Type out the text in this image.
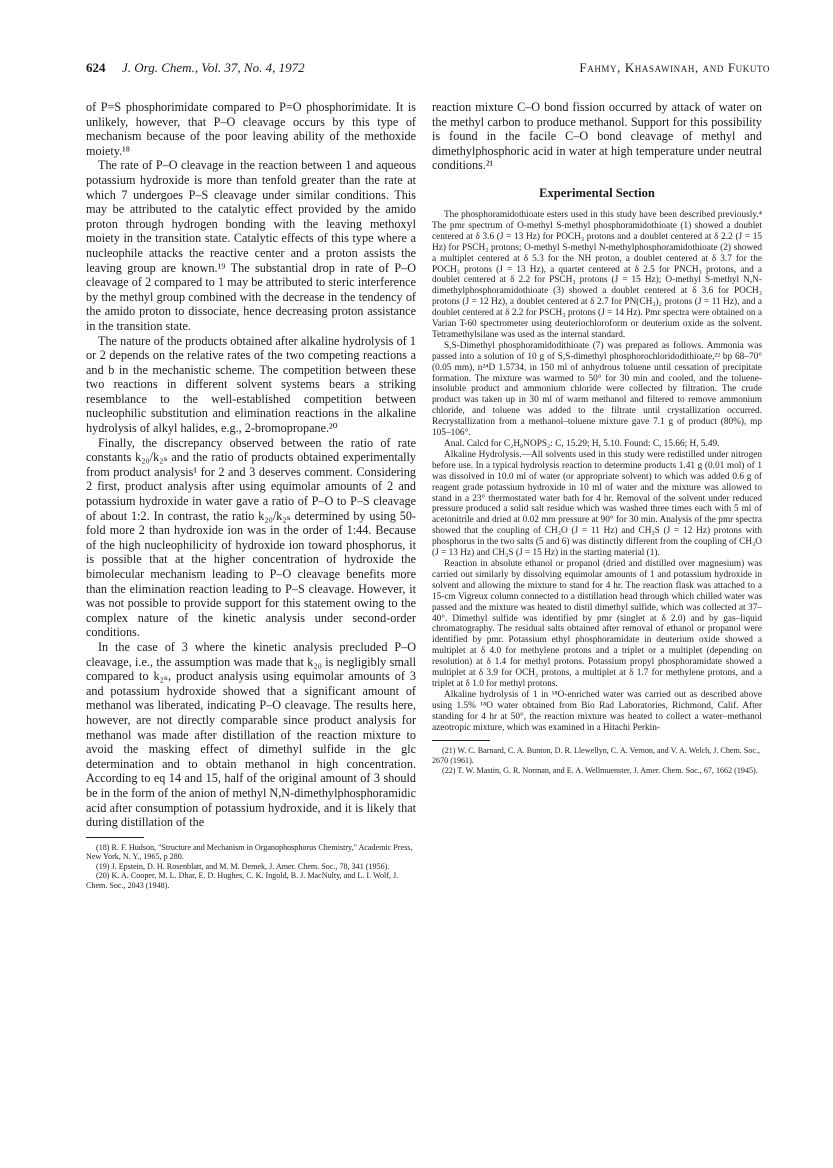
624 J. Org. Chem., Vol. 37, No. 4, 1972	Fahmy, Khasawinah, and Fukuto

of P=S phosphorimidate compared to P=O phosphorimidate. It is unlikely, however, that P–O cleavage occurs by this type of mechanism because of the poor leaving ability of the methoxide moiety.¹⁸

The rate of P–O cleavage in the reaction between 1 and aqueous potassium hydroxide is more than tenfold greater than the rate at which 7 undergoes P–S cleavage under similar conditions. This may be attributed to the catalytic effect provided by the amido proton through hydrogen bonding with the leaving methoxyl moiety in the transition state. Catalytic effects of this type where a nucleophile attacks the reactive center and a proton assists the leaving group are known.¹⁹ The substantial drop in rate of P–O cleavage of 2 compared to 1 may be attributed to steric interference by the methyl group combined with the decrease in the tendency of the amido proton to dissociate, hence decreasing proton assistance in the transition state.

The nature of the products obtained after alkaline hydrolysis of 1 or 2 depends on the relative rates of the two competing reactions a and b in the mechanistic scheme. The competition between these two reactions in different solvent systems bears a striking resemblance to the well-established competition between nucleophilic substitution and elimination reactions in the alkaline hydrolysis of alkyl halides, e.g., 2-bromopropane.²⁰

Finally, the discrepancy observed between the ratio of rate constants k₂₀/k₂ₛ and the ratio of products obtained experimentally from product analysis¹ for 2 and 3 deserves comment. Considering 2 first, product analysis after using equimolar amounts of 2 and potassium hydroxide in water gave a ratio of P–O to P–S cleavage of about 1:2. In contrast, the ratio k₂₀/k₂ₛ determined by using 50-fold more 2 than hydroxide ion was in the order of 1:44. Because of the high nucleophilicity of hydroxide ion toward phosphorus, it is possible that at the higher concentration of hydroxide the bimolecular mechanism leading to P–O cleavage benefits more than the elimination reaction leading to P–S cleavage. However, it was not possible to provide support for this statement owing to the complex nature of the kinetic analysis under second-order conditions.

In the case of 3 where the kinetic analysis precluded P–O cleavage, i.e., the assumption was made that k₂₀ is negligibly small compared to k₂ₛ, product analysis using equimolar amounts of 3 and potassium hydroxide showed that a significant amount of methanol was liberated, indicating P–O cleavage. The results here, however, are not directly comparable since product analysis for methanol was made after distillation of the reaction mixture to avoid the masking effect of dimethyl sulfide in the glc determination and to obtain methanol in high concentration. According to eq 14 and 15, half of the original amount of 3 should be in the form of the anion of methyl N,N-dimethylphosphoramidic acid after consumption of potassium hydroxide, and it is likely that during distillation of the

(18) R. F. Hudson, "Structure and Mechanism in Organophosphorus Chemistry," Academic Press, New York, N. Y., 1965, p 280.

(19) J. Epstein, D. H. Rosenblatt, and M. M. Demek, J. Amer. Chem. Soc., 78, 341 (1956).

(20) K. A. Cooper, M. L. Dhar, E. D. Hughes, C. K. Ingold, B. J. MacNulty, and L. I. Wolf, J. Chem. Soc., 2043 (1948).

reaction mixture C–O bond fission occurred by attack of water on the methyl carbon to produce methanol. Support for this possibility is found in the facile C–O bond cleavage of methyl and dimethylphosphoric acid in water at high temperature under neutral conditions.²¹

Experimental Section

The phosphoramidothioate esters used in this study have been described previously.⁴ The pmr spectrum of O-methyl S-methyl phosphoramidothioate (1) showed a doublet centered at δ 3.6 (J = 13 Hz) for POCH₃ protons and a doublet centered at δ 2.2 (J = 15 Hz) for PSCH₃ protons; O-methyl S-methyl N-methylphosphoramidothioate (2) showed a multiplet centered at δ 5.3 for the NH proton, a doublet centered at δ 3.7 for the POCH₃ protons (J = 13 Hz), a quartet centered at δ 2.5 for PNCH₃ protons, and a doublet centered at δ 2.2 for PSCH₃ protons (J = 15 Hz); O-methyl S-methyl N,N-dimethylphosphoramidothioate (3) showed a doublet centered at δ 3.6 for POCH₃ protons (J = 12 Hz), a doublet centered at δ 2.7 for PN(CH₃)₂ protons (J = 11 Hz), and a doublet centered at δ 2.2 for PSCH₃ protons (J = 14 Hz). Pmr spectra were obtained on a Varian T-60 spectrometer using deuteriochloroform or deuterium oxide as the solvent. Tetramethylsilane was used as the internal standard.

S,S-Dimethyl phosphoramidodithioate (7) was prepared as follows. Ammonia was passed into a solution of 10 g of S,S-dimethyl phosphorochloridodithioate,²² bp 68–70° (0.05 mm), n²⁴D 1.5734, in 150 ml of anhydrous toluene until cessation of precipitate formation. The mixture was warmed to 50° for 30 min and cooled, and the toluene-insoluble product and ammonium chloride were collected by filtration. The crude product was taken up in 30 ml of warm methanol and filtered to remove ammonium chloride, and toluene was added to the filtrate until crystallization occurred. Recrystallization from a methanol–toluene mixture gave 7.1 g of product (80%), mp 105–106°.

Anal. Calcd for C₂H₈NOPS₂: C, 15.29; H, 5.10. Found: C, 15.66; H, 5.49.

Alkaline Hydrolysis.—All solvents used in this study were redistilled under nitrogen before use. In a typical hydrolysis reaction to determine products 1.41 g (0.01 mol) of 1 was dissolved in 10.0 ml of water (or appropriate solvent) to which was added 0.6 g of reagent grade potassium hydroxide in 10 ml of water and the mixture was allowed to stand in a 23° thermostated water bath for 4 hr. Removal of the solvent under reduced pressure produced a solid salt residue which was washed three times each with 5 ml of acetonitrile and dried at 0.02 mm pressure at 90° for 30 min. Analysis of the pmr spectra showed that the coupling of CH₃O (J = 11 Hz) and CH₃S (J = 12 Hz) protons with phosphorus in the two salts (5 and 6) was distinctly different from the coupling of CH₃O (J = 13 Hz) and CH₃S (J = 15 Hz) in the starting material (1).

Reaction in absolute ethanol or propanol (dried and distilled over magnesium) was carried out similarly by dissolving equimolar amounts of 1 and potassium hydroxide in solvent and allowing the mixture to stand for 4 hr. The reaction flask was attached to a 15-cm Vigreux column connected to a distillation head through which chilled water was passed and the mixture was heated to distil dimethyl sulfide, which was collected at 37–40°. Dimethyl sulfide was identified by pmr (singlet at δ 2.0) and by gas–liquid chromatography. The residual salts obtained after removal of ethanol or propanol were identified by pmr. Potassium ethyl phosphoramidate in deuterium oxide showed a multiplet at δ 4.0 for methylene protons and a triplet or a multiplet (depending on resolution) at δ 1.4 for methyl protons. Potassium propyl phosphoramidate showed a multiplet at δ 3.9 for OCH₂ protons, a multiplet at δ 1.7 for methylene protons, and a triplet at δ 1.0 for methyl protons.

Alkaline hydrolysis of 1 in ¹⁸O-enriched water was carried out as described above using 1.5% ¹⁸O water obtained from Bio Rad Laboratories, Richmond, Calif. After standing for 4 hr at 50°, the reaction mixture was heated to collect a water–methanol azeotropic mixture, which was examined in a Hitachi Perkin-

(21) W. C. Barnard, C. A. Bunton, D. R. Llewellyn, C. A. Vernon, and V. A. Welch, J. Chem. Soc., 2670 (1961).

(22) T. W. Mastin, G. R. Norman, and E. A. Wellmuenster, J. Amer. Chem. Soc., 67, 1662 (1945).
